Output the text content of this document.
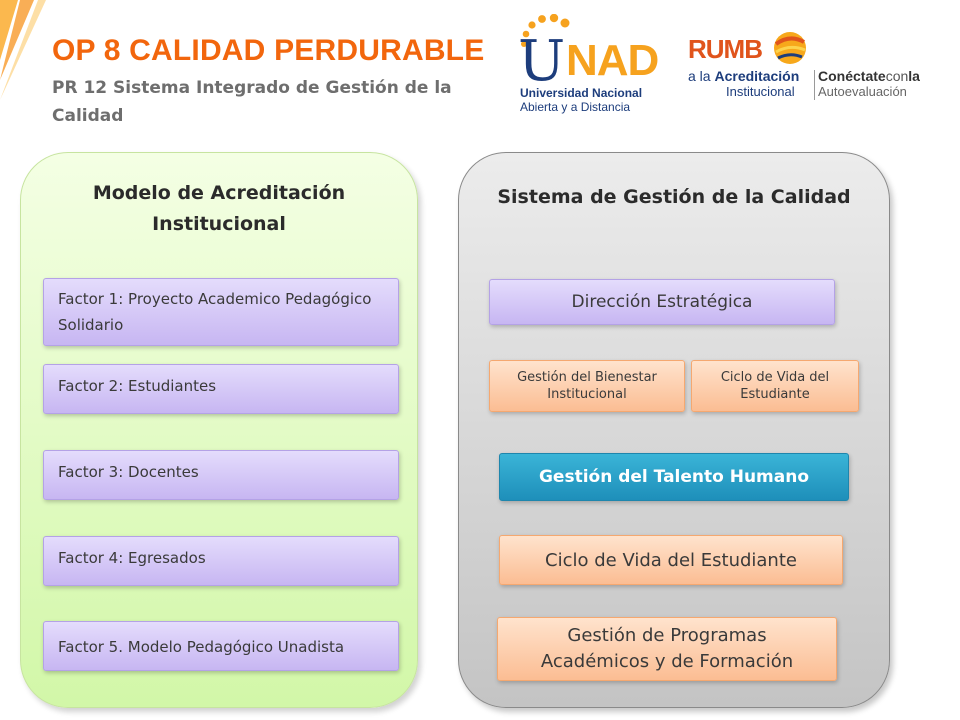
OP 8 CALIDAD PERDURABLE
PR 12 Sistema Integrado de Gestión de la Calidad
U NAD
Universidad Nacional
Abierta y a Distancia
RUMB
a la Acreditación
Institucional
Conéctateconla
Autoevaluación
Modelo de Acreditación Institucional
Factor 1: Proyecto Academico Pedagógico Solidario
Factor 2: Estudiantes
Factor 3: Docentes
Factor 4: Egresados
Factor 5. Modelo Pedagógico Unadista
Sistema de Gestión de la Calidad
Dirección Estratégica
Gestión del Bienestar Institucional
Ciclo de Vida del Estudiante
Gestión del Talento Humano
Ciclo de Vida del Estudiante
Gestión de Programas Académicos y de Formación
